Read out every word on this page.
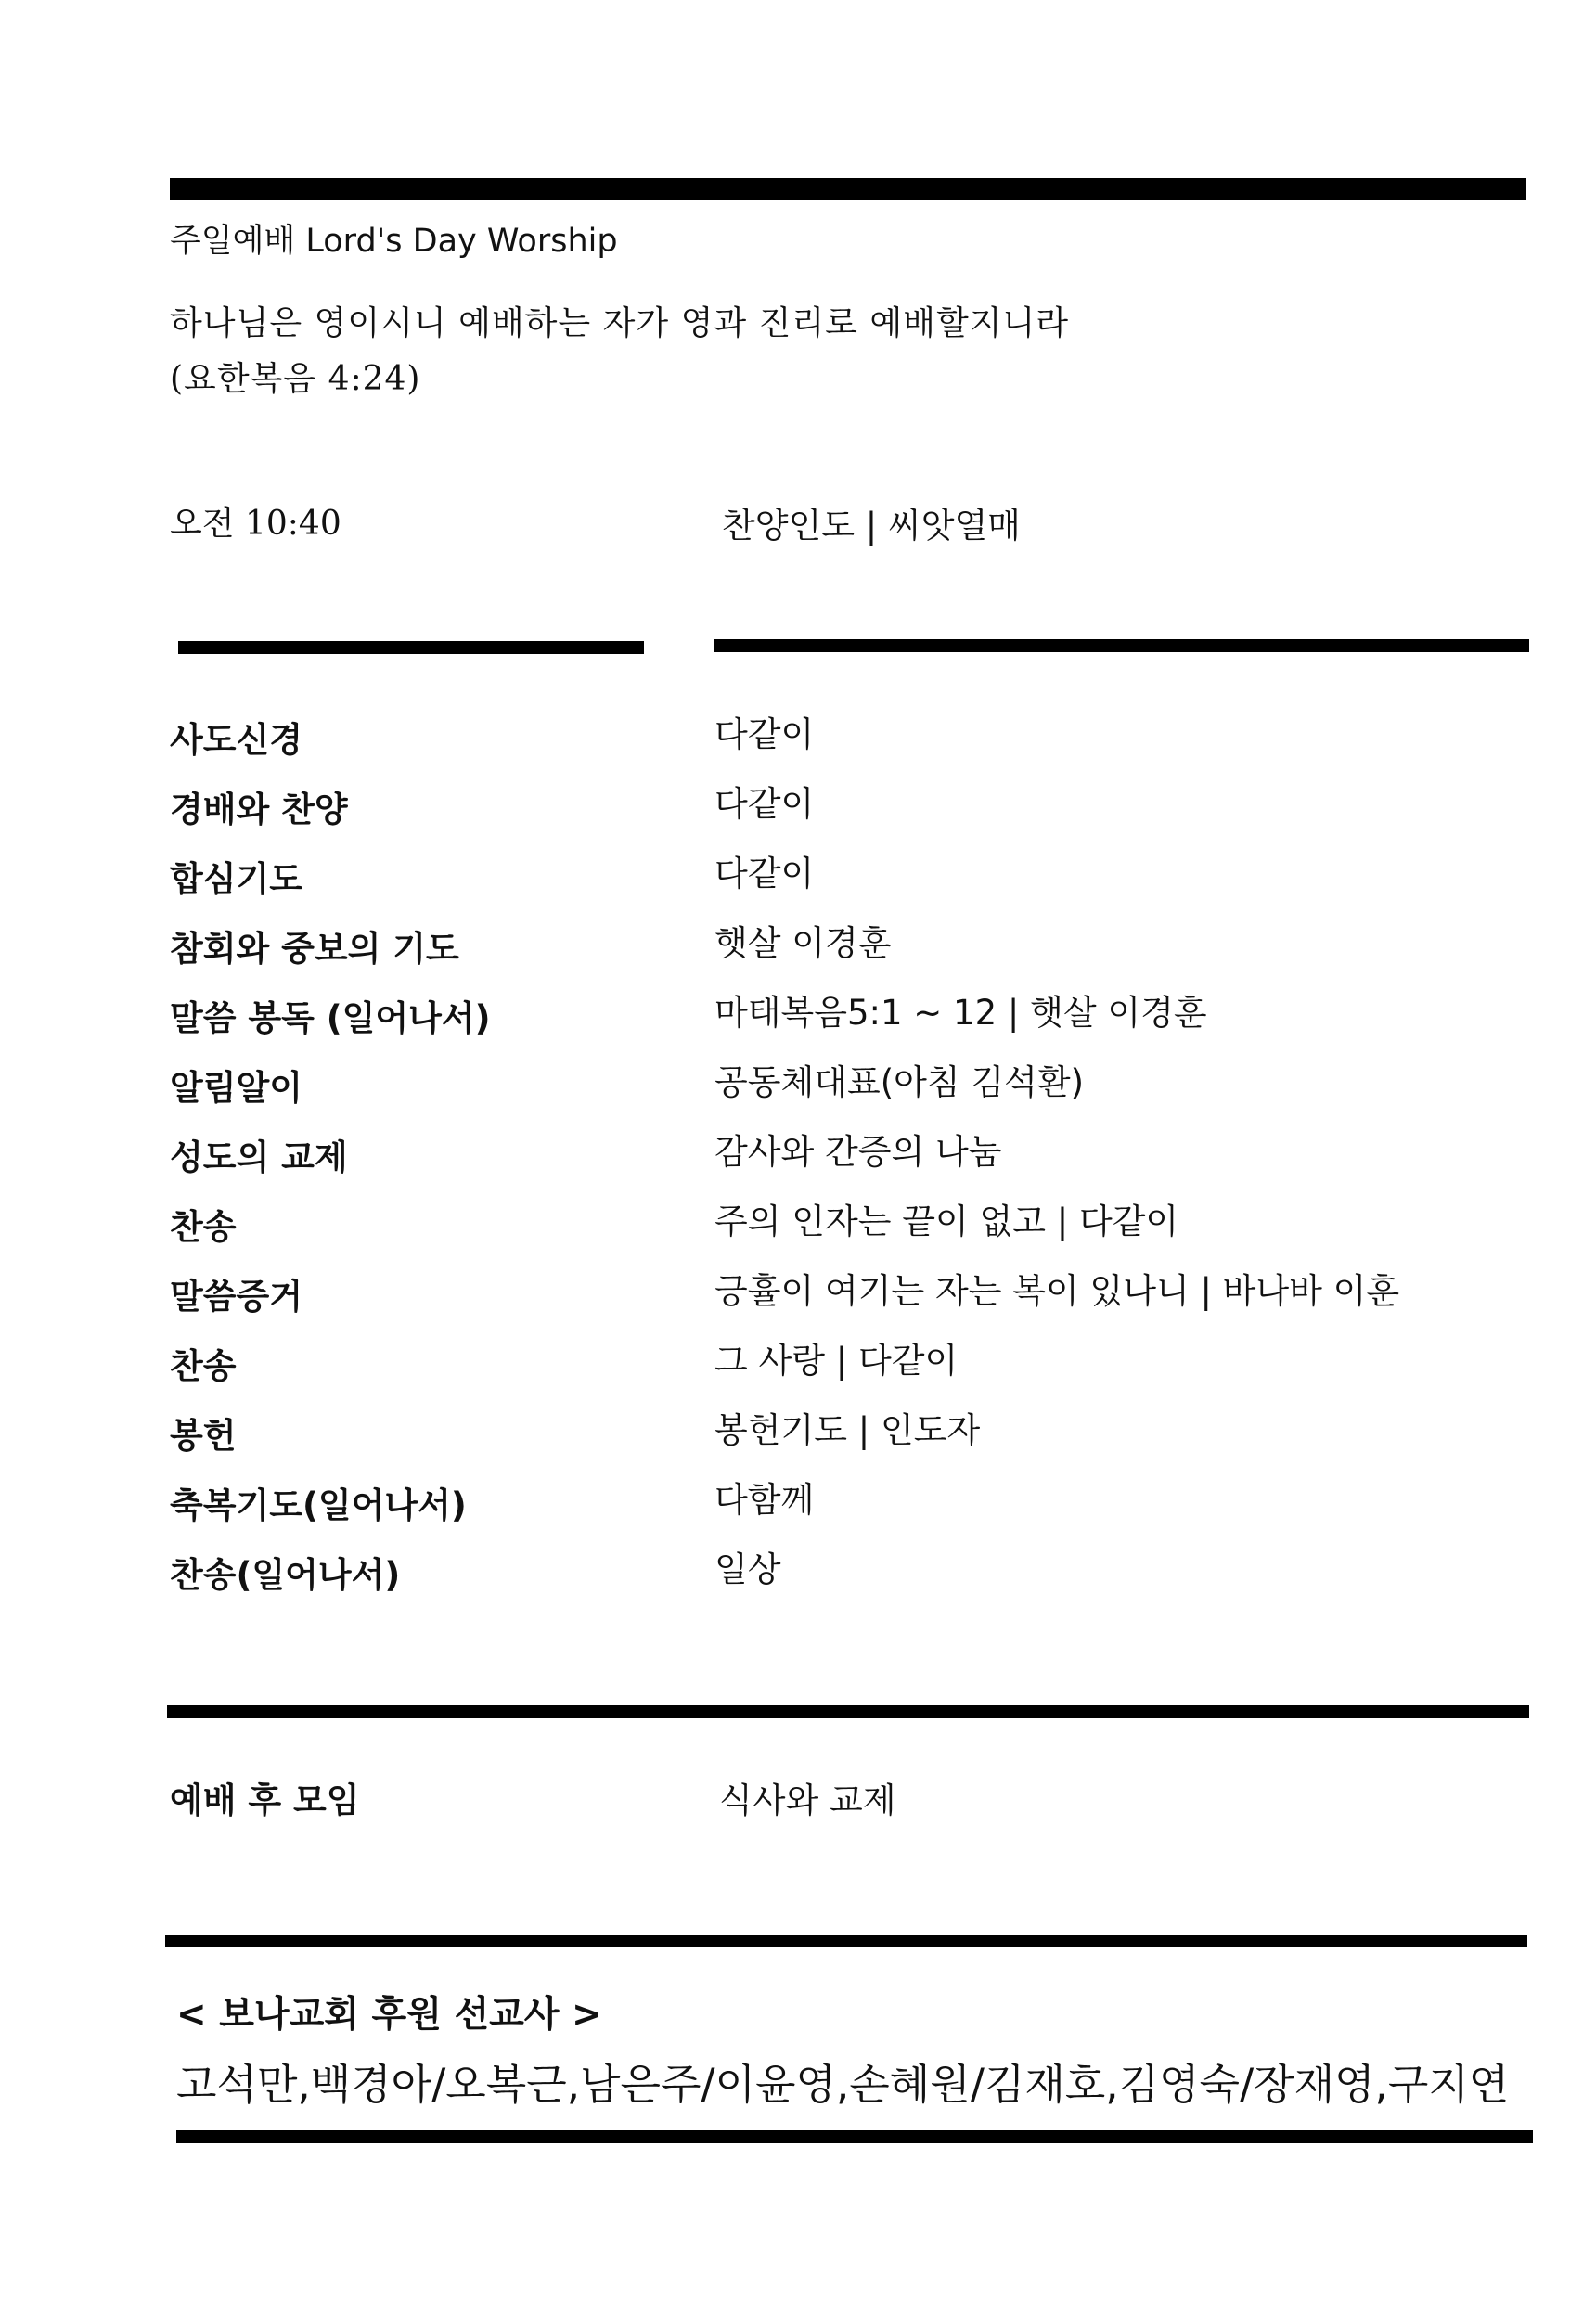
주일예배 Lord's Day Worship
하나님은 영이시니 예배하는 자가 영과 진리로 예배할지니라
(요한복음 4:24)
오전 10:40	찬양인도 | 씨앗열매
사도신경	다같이
경배와 찬양	다같이
합심기도	다같이
참회와 중보의 기도	햇살 이경훈
말씀 봉독 (일어나서)	마태복음5:1 ~ 12 | 햇살 이경훈
알림알이	공동체대표(아침 김석환)
성도의 교제	감사와 간증의 나눔
찬송	주의 인자는 끝이 없고 | 다같이
말씀증거	긍휼이 여기는 자는 복이 있나니 | 바나바 이훈
찬송	그 사랑 | 다같이
봉헌	봉헌기도 | 인도자
축복기도(일어나서)	다함께
찬송(일어나서)	일상
예배 후 모임	식사와 교제
< 보나교회 후원 선교사 >
고석만,백경아/오복근,남은주/이윤영,손혜원/김재호,김영숙/장재영,구지연
